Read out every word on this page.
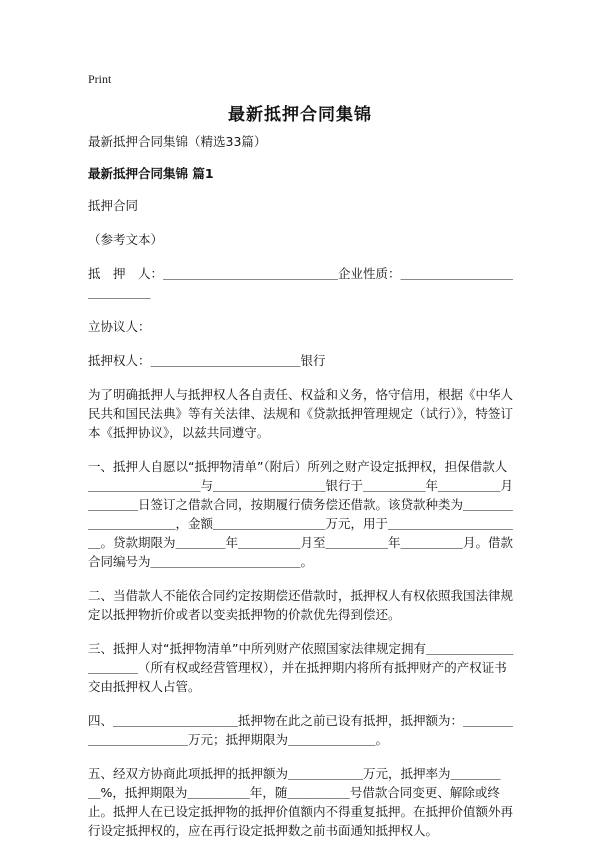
Print
最新抵押合同集锦

最新抵押合同集锦（精选33篇）

最新抵押合同集锦 篇1

抵押合同

（参考文本）

抵　押　人：＿＿＿＿＿＿＿＿＿＿＿＿＿＿企业性质：＿＿＿＿＿＿＿＿＿＿＿＿＿＿

立协议人：

抵押权人：＿＿＿＿＿＿＿＿＿＿＿＿银行

为了明确抵押人与抵押权人各自责任、权益和义务，恪守信用，根据《中华人民共和国民法典》等有关法律、法规和《贷款抵押管理规定（试行）》，特签订本《抵押协议》，以兹共同遵守。

一、抵押人自愿以“抵押物清单”（附后）所列之财产设定抵押权，担保借款人＿＿＿＿＿＿＿＿＿与＿＿＿＿＿＿＿＿＿银行于＿＿＿＿＿年＿＿＿＿＿月＿＿＿＿日签订之借款合同，按期履行债务偿还借款。该贷款种类为＿＿＿＿＿＿＿＿＿＿＿，金额＿＿＿＿＿＿＿＿＿万元，用于＿＿＿＿＿＿＿＿＿＿＿。贷款期限为＿＿＿＿年＿＿＿＿＿月至＿＿＿＿＿年＿＿＿＿＿月。借款合同编号为＿＿＿＿＿＿＿＿＿＿＿＿。

二、当借款人不能依合同约定按期偿还借款时，抵押权人有权依照我国法律规定以抵押物折价或者以变卖抵押物的价款优先得到偿还。

三、抵押人对“抵押物清单”中所列财产依照国家法律规定拥有＿＿＿＿＿＿＿＿＿＿＿（所有权或经营管理权），并在抵押期内将所有抵押财产的产权证书交由抵押权人占管。

四、＿＿＿＿＿＿＿＿＿＿抵押物在此之前已设有抵押，抵押额为：＿＿＿＿＿＿＿＿＿＿＿＿万元；抵押期限为＿＿＿＿＿＿＿。

五、经双方协商此项抵押的抵押额为＿＿＿＿＿＿万元，抵押率为＿＿＿＿＿%，抵押期限为＿＿＿＿＿年，随＿＿＿＿＿号借款合同变更、解除或终止。抵押人在已设定抵押物的抵押价值额内不得重复抵押。在抵押价值额外再行设定抵押权的，应在再行设定抵押数之前书面通知抵押权人。
